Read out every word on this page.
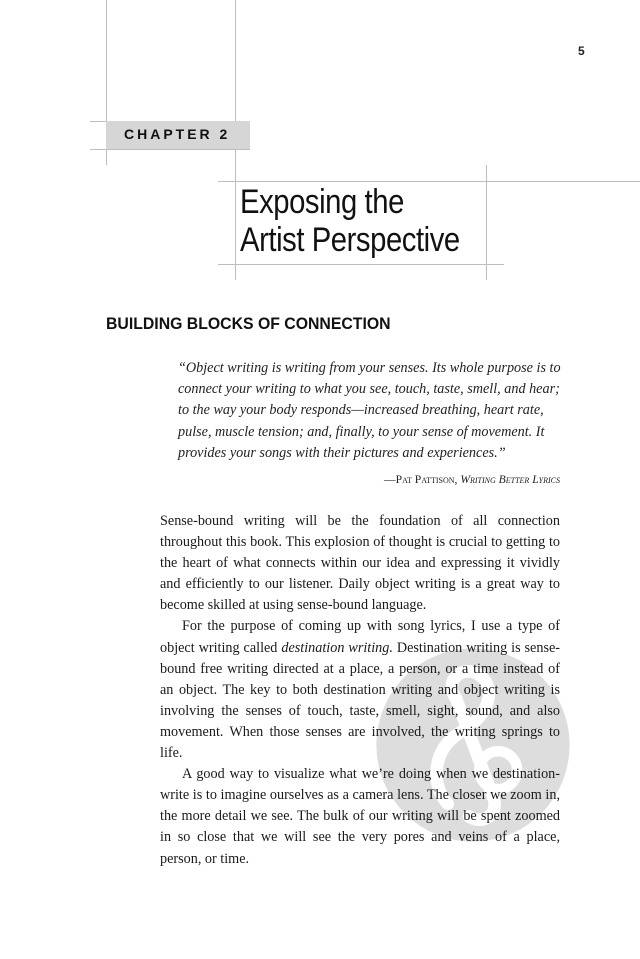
5
CHAPTER 2
Exposing the
Artist Perspective
BUILDING BLOCKS OF CONNECTION

“Object writing is writing from your senses. Its whole purpose is to connect your writing to what you see, touch, taste, smell, and hear; to the way your body responds—increased breathing, heart rate, pulse, muscle tension; and, finally, to your sense of movement. It provides your songs with their pictures and experiences.”

—Pat Pattison, Writing Better Lyrics

Sense-bound writing will be the foundation of all connection throughout this book. This explosion of thought is crucial to getting to the heart of what connects within our idea and expressing it vividly and efficiently to our listener. Daily object writing is a great way to become skilled at using sense-bound language.

For the purpose of coming up with song lyrics, I use a type of object writing called destination writing. Destination writing is sense-bound free writing directed at a place, a person, or a time instead of an object. The key to both destination writing and object writing is involving the senses of touch, taste, smell, sight, sound, and also movement. When those senses are involved, the writing springs to life.

A good way to visualize what we’re doing when we destination-write is to imagine ourselves as a camera lens. The closer we zoom in, the more detail we see. The bulk of our writing will be spent zoomed in so close that we will see the very pores and veins of a place, person, or time.
